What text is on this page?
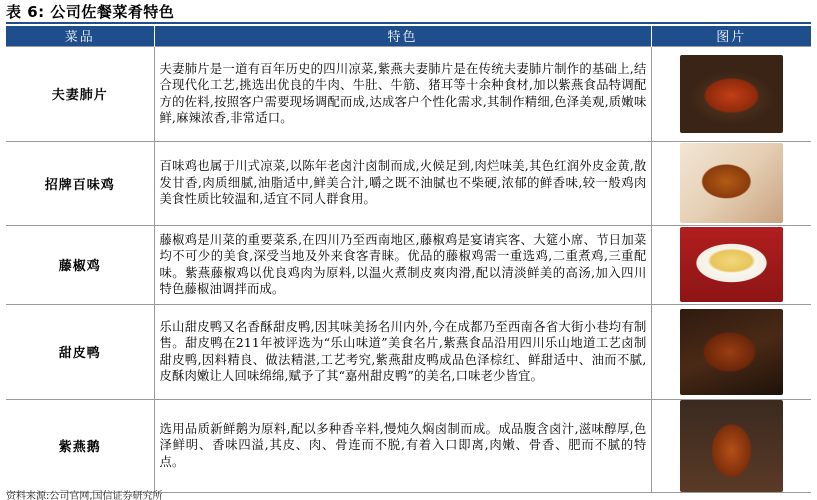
表 6: 公司佐餐菜肴特色
菜品	特色	图片
夫妻肺片	夫妻肺片是一道有百年历史的四川凉菜,紫燕夫妻肺片是在传统夫妻肺片制作的基础上,结合现代化工艺,挑选出优良的牛肉、牛肚、牛筋、猪耳等十余种食材,加以紫燕食品特调配方的佐料,按照客户需要现场调配而成,达成客户个性化需求,其制作精细,色泽美观,质嫩味鲜,麻辣浓香,非常适口。	

招牌百味鸡	百味鸡也属于川式凉菜,以陈年老卤汁卤制而成,火候足到,肉烂味美,其色红润外皮金黄,散发甘香,肉质细腻,油脂适中,鲜美合汁,嚼之既不油腻也不柴硬,浓郁的鲜香味,较一般鸡肉美食性质比较温和,适宜不同人群食用。	

藤椒鸡	藤椒鸡是川菜的重要菜系,在四川乃至西南地区,藤椒鸡是宴请宾客、大筵小席、节日加菜均不可少的美食,深受当地及外来食客青睐。优品的藤椒鸡需一重选鸡,二重煮鸡,三重配味。紫燕藤椒鸡以优良鸡肉为原料,以温火煮制皮爽肉滑,配以清淡鲜美的高汤,加入四川特色藤椒油调拌而成。	

甜皮鸭	乐山甜皮鸭又名香酥甜皮鸭,因其味美扬名川内外,今在成都乃至西南各省大街小巷均有制售。甜皮鸭在211年被评选为“乐山味道”美食名片,紫燕食品沿用四川乐山地道工艺卤制甜皮鸭,因料精良、做法精湛,工艺考究,紫燕甜皮鸭成品色泽棕红、鲜甜适中、油而不腻,皮酥肉嫩让人回味绵绵,赋予了其“嘉州甜皮鸭”的美名,口味老少皆宜。	

紫燕鹅	选用品质新鲜鹅为原料,配以多种香辛料,慢炖久焖卤制而成。成品腹含卤汁,滋味醇厚,色泽鲜明、香味四溢,其皮、肉、骨连而不脱,有着入口即离,肉嫩、骨香、肥而不腻的特点。	
资料来源:公司官网,国信证券研究所
